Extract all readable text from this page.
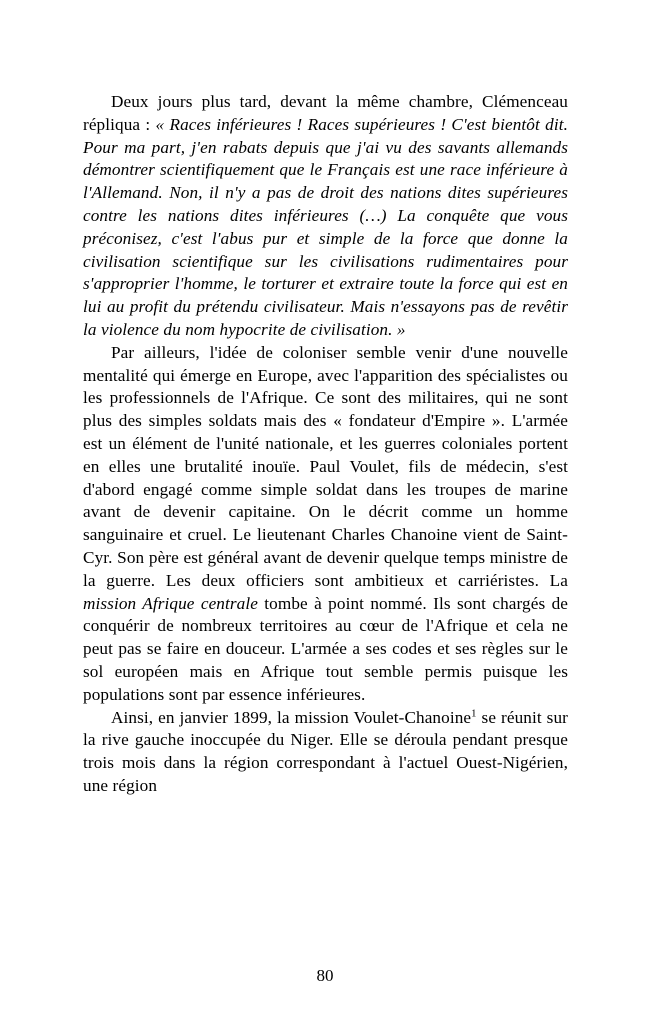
Deux jours plus tard, devant la même chambre, Clémenceau répliqua : « Races inférieures ! Races supérieures ! C'est bientôt dit. Pour ma part, j'en rabats depuis que j'ai vu des savants allemands démontrer scientifiquement que le Français est une race inférieure à l'Allemand. Non, il n'y a pas de droit des nations dites supérieures contre les nations dites inférieures (…) La conquête que vous préconisez, c'est l'abus pur et simple de la force que donne la civilisation scientifique sur les civilisations rudimentaires pour s'approprier l'homme, le torturer et extraire toute la force qui est en lui au profit du prétendu civilisateur. Mais n'essayons pas de revêtir la violence du nom hypocrite de civilisation. »

Par ailleurs, l'idée de coloniser semble venir d'une nouvelle mentalité qui émerge en Europe, avec l'apparition des spécialistes ou les professionnels de l'Afrique. Ce sont des militaires, qui ne sont plus des simples soldats mais des « fondateur d'Empire ». L'armée est un élément de l'unité nationale, et les guerres coloniales portent en elles une brutalité inouïe. Paul Voulet, fils de médecin, s'est d'abord engagé comme simple soldat dans les troupes de marine avant de devenir capitaine. On le décrit comme un homme sanguinaire et cruel. Le lieutenant Charles Chanoine vient de Saint-Cyr. Son père est général avant de devenir quelque temps ministre de la guerre. Les deux officiers sont ambitieux et carriéristes. La mission Afrique centrale tombe à point nommé. Ils sont chargés de conquérir de nombreux territoires au cœur de l'Afrique et cela ne peut pas se faire en douceur. L'armée a ses codes et ses règles sur le sol européen mais en Afrique tout semble permis puisque les populations sont par essence inférieures.

Ainsi, en janvier 1899, la mission Voulet-Chanoine$^1$ se réunit sur la rive gauche inoccupée du Niger. Elle se déroula pendant presque trois mois dans la région correspondant à l'actuel Ouest-Nigérien, une région

80
